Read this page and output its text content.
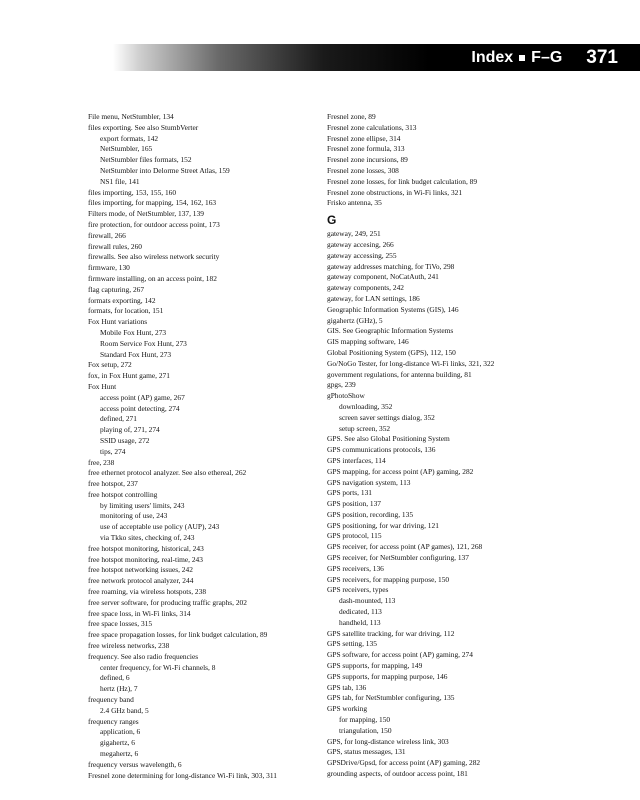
Index F–G 371
File menu, NetStumbler, 134
files exporting. See also StumbVerter
export formats, 142
NetStumbler, 165
NetStumbler files formats, 152
NetStumbler into Delorme Street Atlas, 159
NS1 file, 141
files importing, 153, 155, 160
files importing, for mapping, 154, 162, 163
Filters mode, of NetStumbler, 137, 139
fire protection, for outdoor access point, 173
firewall, 266
firewall rules, 260
firewalls. See also wireless network security
firmware, 130
firmware installing, on an access point, 182
flag capturing, 267
formats exporting, 142
formats, for location, 151
Fox Hunt variations
Mobile Fox Hunt, 273
Room Service Fox Hunt, 273
Standard Fox Hunt, 273
Fox setup, 272
fox, in Fox Hunt game, 271
Fox Hunt
access point (AP) game, 267
access point detecting, 274
defined, 271
playing of, 271, 274
SSID usage, 272
tips, 274
free, 238
free ethernet protocol analyzer. See also ethereal, 262
free hotspot, 237
free hotspot controlling
by limiting users' limits, 243
monitoring of use, 243
use of acceptable use policy (AUP), 243
via Tkko sites, checking of, 243
free hotspot monitoring, historical, 243
free hotspot monitoring, real-time, 243
free hotspot networking issues, 242
free network protocol analyzer, 244
free roaming, via wireless hotspots, 238
free server software, for producing traffic graphs, 202
free space loss, in Wi-Fi links, 314
free space losses, 315
free space propagation losses, for link budget calculation, 89
free wireless networks, 238
frequency. See also radio frequencies
center frequency, for Wi-Fi channels, 8
defined, 6
hertz (Hz), 7
frequency band
2.4 GHz band, 5
frequency ranges
application, 6
gigahertz, 6
megahertz, 6
frequency versus wavelength, 6
Fresnel zone determining for long-distance Wi-Fi link, 303, 311
Fresnel zone, 89
Fresnel zone calculations, 313
Fresnel zone ellipse, 314
Fresnel zone formula, 313
Fresnel zone incursions, 89
Fresnel zone losses, 308
Fresnel zone losses, for link budget calculation, 89
Fresnel zone obstructions, in Wi-Fi links, 321
Frisko antenna, 35
G
gateway, 249, 251
gateway accesing, 266
gateway accessing, 255
gateway addresses matching, for TiVo, 298
gateway component, NoCatAuth, 241
gateway components, 242
gateway, for LAN settings, 186
Geographic Information Systems (GIS), 146
gigahertz (GHz), 5
GIS. See Geographic Information Systems
GIS mapping software, 146
Global Positioning System (GPS), 112, 150
Go/NoGo Tester, for long-distance Wi-Fi links, 321, 322
government regulations, for antenna building, 81
gpgs, 239
gPhotoShow
downloading, 352
screen saver settings dialog, 352
setup screen, 352
GPS. See also Global Positioning System
GPS communications protocols, 136
GPS interfaces, 114
GPS mapping, for access point (AP) gaming, 282
GPS navigation system, 113
GPS ports, 131
GPS position, 137
GPS position, recording, 135
GPS positioning, for war driving, 121
GPS protocol, 115
GPS receiver, for access point (AP games), 121, 268
GPS receiver, for NetStumbler configuring, 137
GPS receivers, 136
GPS receivers, for mapping purpose, 150
GPS receivers, types
dash-mounted, 113
dedicated, 113
handheld, 113
GPS satellite tracking, for war driving, 112
GPS setting, 135
GPS software, for access point (AP) gaming, 274
GPS supports, for mapping, 149
GPS supports, for mapping purpose, 146
GPS tab, 136
GPS tab, for NetStumbler configuring, 135
GPS working
for mapping, 150
triangulation, 150
GPS, for long-distance wireless link, 303
GPS, status messages, 131
GPSDrive/Gpsd, for access point (AP) gaming, 282
grounding aspects, of outdoor access point, 181
